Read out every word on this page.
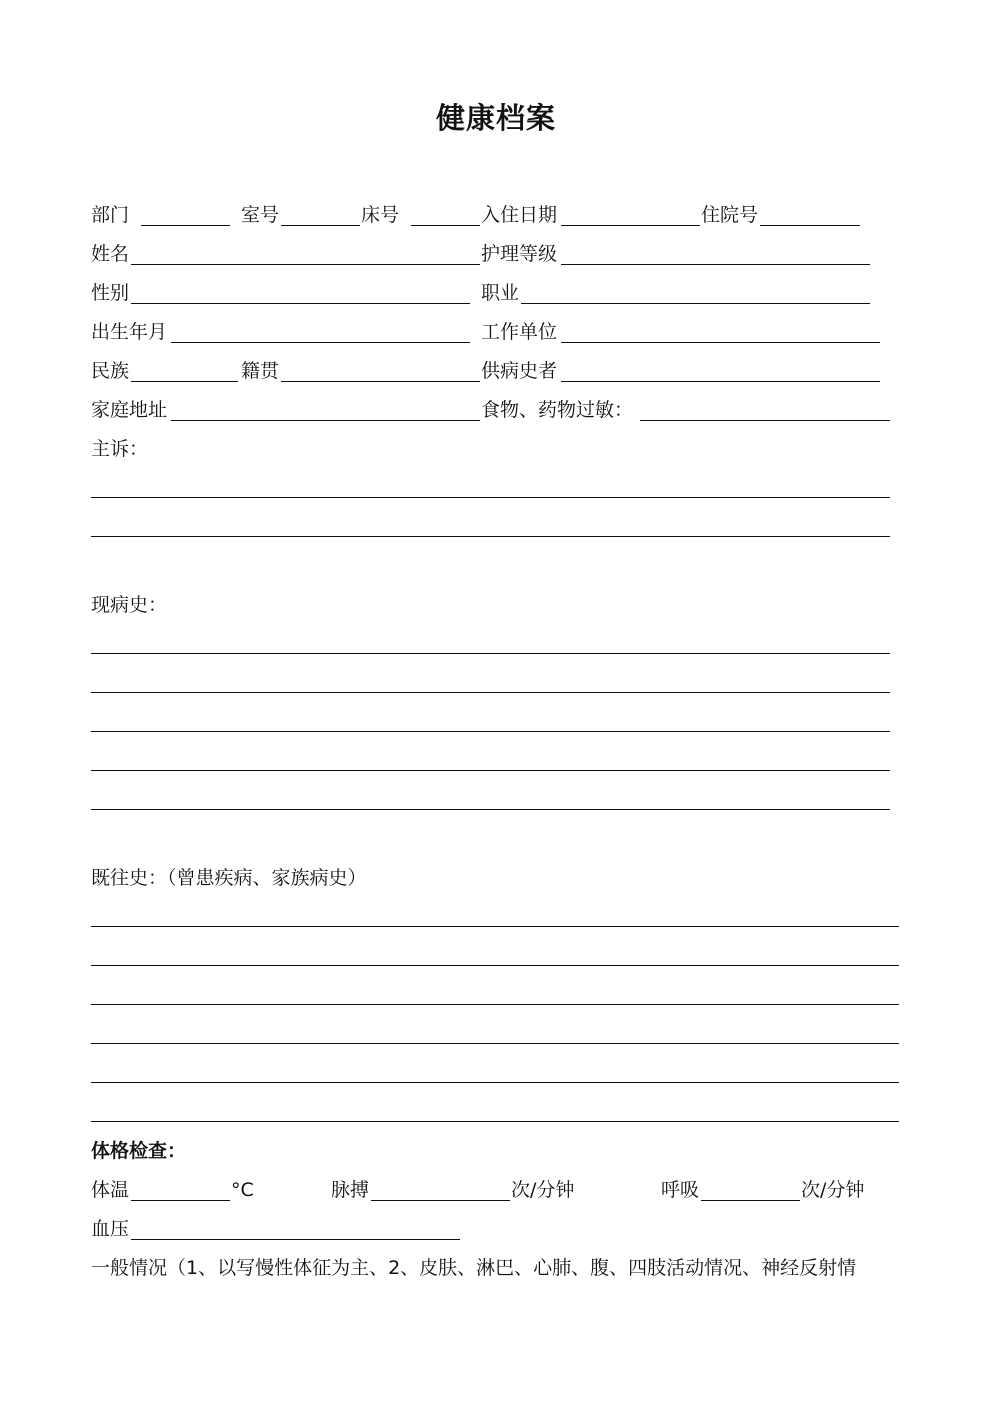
健康档案
部门	室号	床号	入住日期	住院号
姓名	护理等级
性别	职业
出生年月	工作单位
民族	籍贯	供病史者
家庭地址	食物、药物过敏：
主诉：
现病史：
既往史：（曾患疾病、家族病史）
体格检查：
体温	°C	脉搏	次/分钟	呼吸	次/分钟
血压
一般情况（1、以写慢性体征为主、2、皮肤、淋巴、心肺、腹、四肢活动情况、神经反射情
